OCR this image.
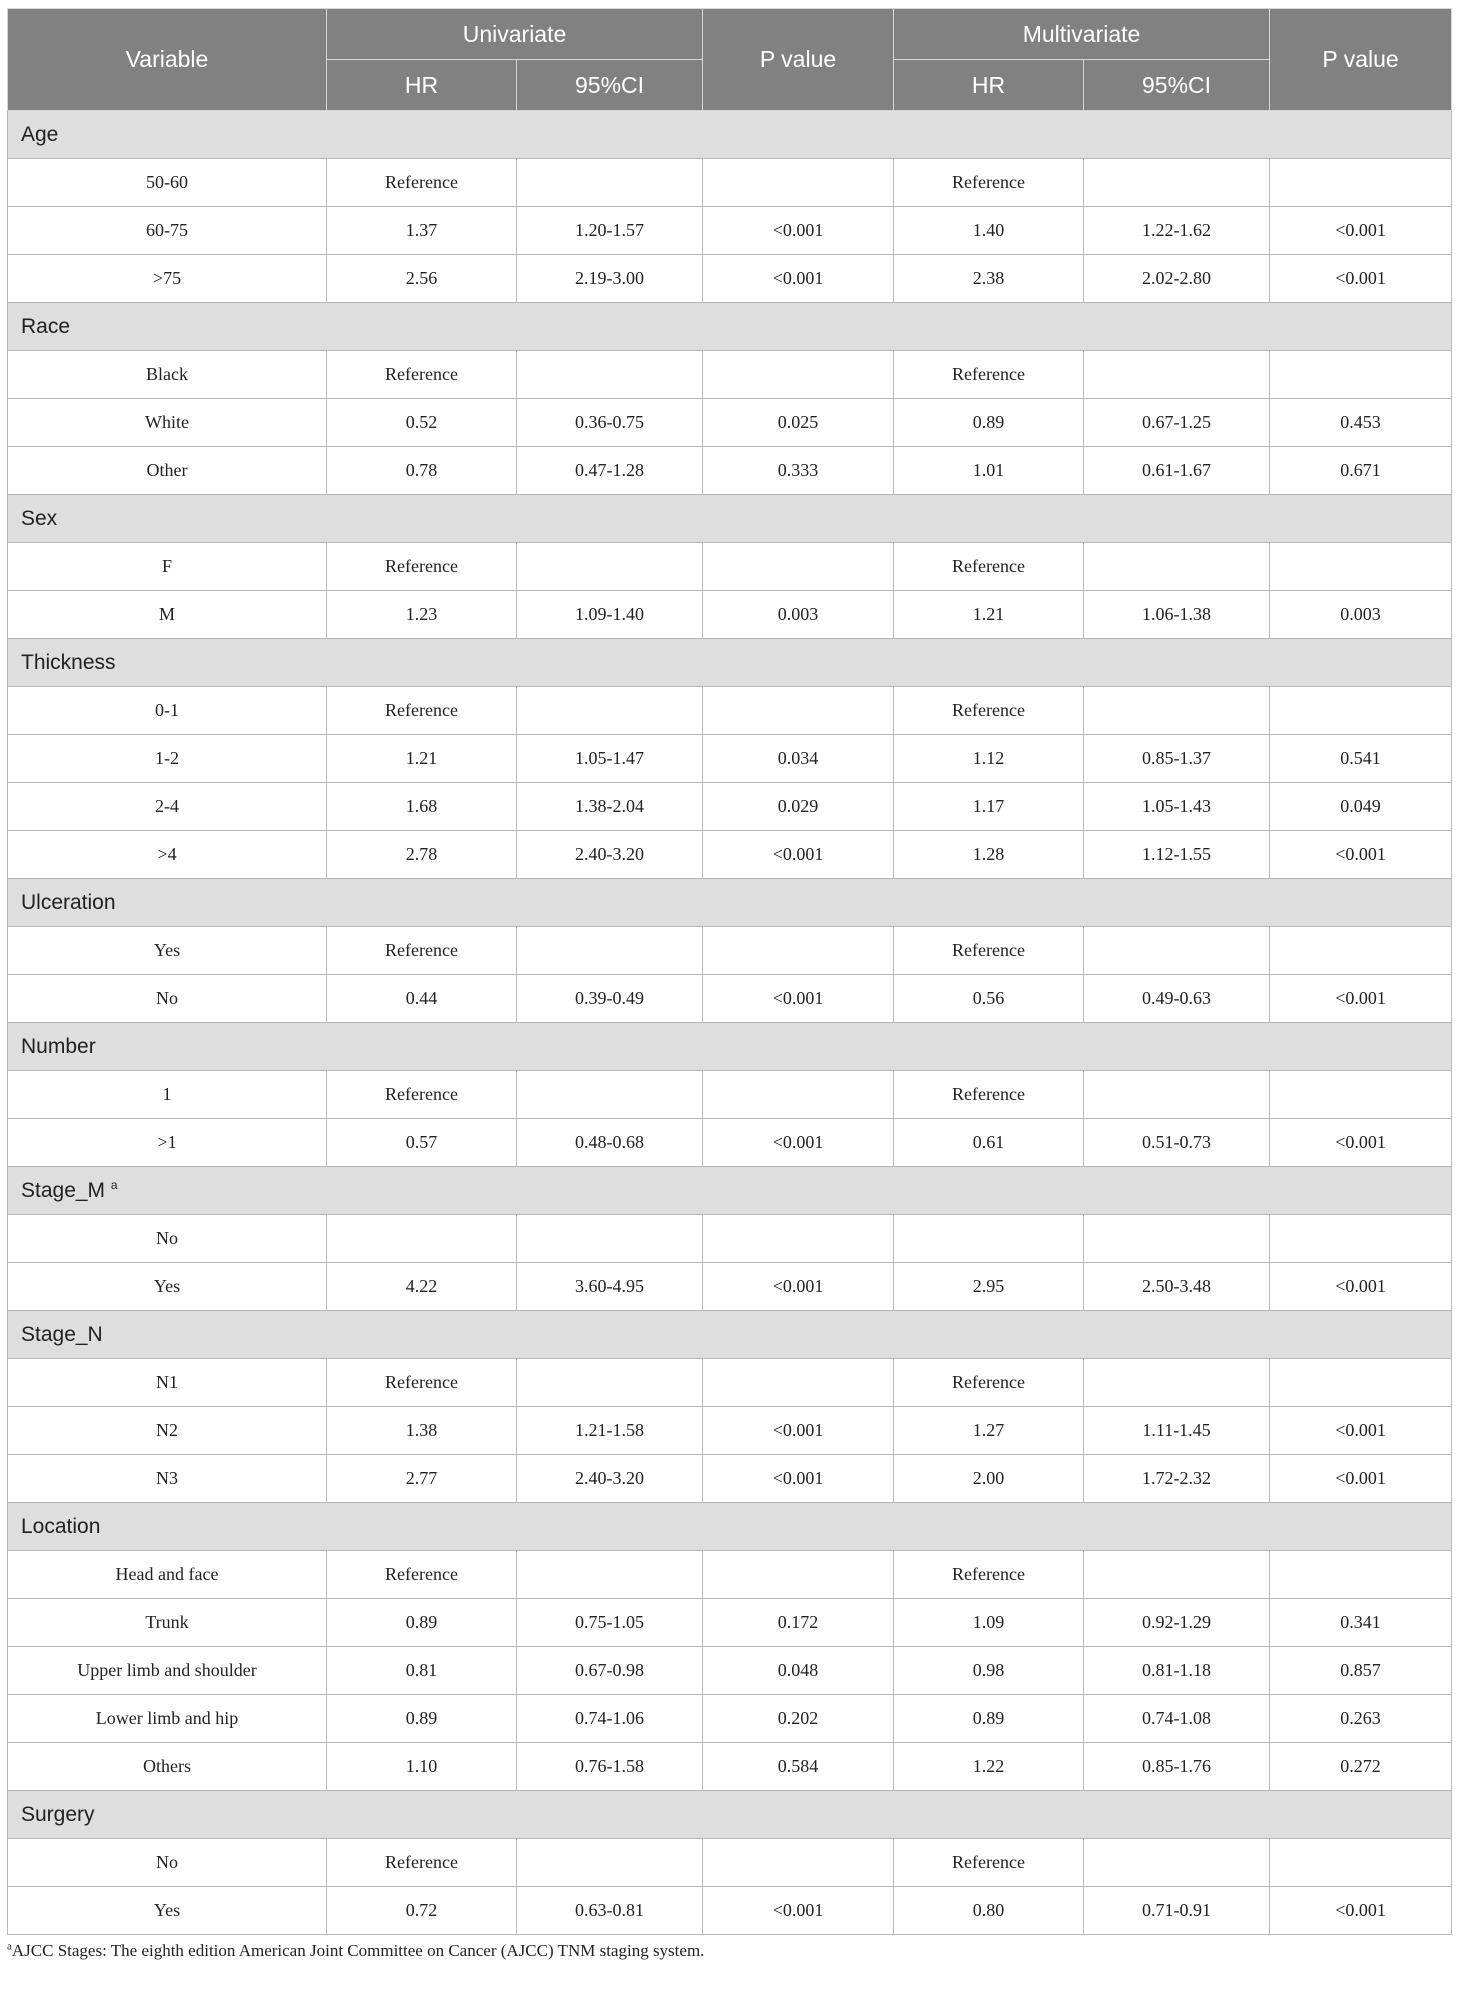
Variable	Univariate		P value	Multivariate		P value
	HR	95%CI		HR	95%CI	
Age						
50-60	Reference			Reference		
60-75	1.37	1.20-1.57	<0.001	1.40	1.22-1.62	<0.001
>75	2.56	2.19-3.00	<0.001	2.38	2.02-2.80	<0.001
Race						
Black	Reference			Reference		
White	0.52	0.36-0.75	0.025	0.89	0.67-1.25	0.453
Other	0.78	0.47-1.28	0.333	1.01	0.61-1.67	0.671
Sex						
F	Reference			Reference		
M	1.23	1.09-1.40	0.003	1.21	1.06-1.38	0.003
Thickness						
0-1	Reference			Reference		
1-2	1.21	1.05-1.47	0.034	1.12	0.85-1.37	0.541
2-4	1.68	1.38-2.04	0.029	1.17	1.05-1.43	0.049
>4	2.78	2.40-3.20	<0.001	1.28	1.12-1.55	<0.001
Ulceration						
Yes	Reference			Reference		
No	0.44	0.39-0.49	<0.001	0.56	0.49-0.63	<0.001
Number						
1	Reference			Reference		
>1	0.57	0.48-0.68	<0.001	0.61	0.51-0.73	<0.001
Stage_M $^a$
No						
Yes	4.22	3.60-4.95	<0.001	2.95	2.50-3.48	<0.001
Stage_N						
N1	Reference			Reference		
N2	1.38	1.21-1.58	<0.001	1.27	1.11-1.45	<0.001
N3	2.77	2.40-3.20	<0.001	2.00	1.72-2.32	<0.001
Location						
Head and face	Reference			Reference		
Trunk	0.89	0.75-1.05	0.172	1.09	0.92-1.29	0.341
Upper limb and shoulder	0.81	0.67-0.98	0.048	0.98	0.81-1.18	0.857
Lower limb and hip	0.89	0.74-1.06	0.202	0.89	0.74-1.08	0.263
Others	1.10	0.76-1.58	0.584	1.22	0.85-1.76	0.272
Surgery						
No	Reference			Reference		
Yes	0.72	0.63-0.81	<0.001	0.80	0.71-0.91	<0.001
$^a$AJCC Stages: The eighth edition American Joint Committee on Cancer (AJCC) TNM staging system.
